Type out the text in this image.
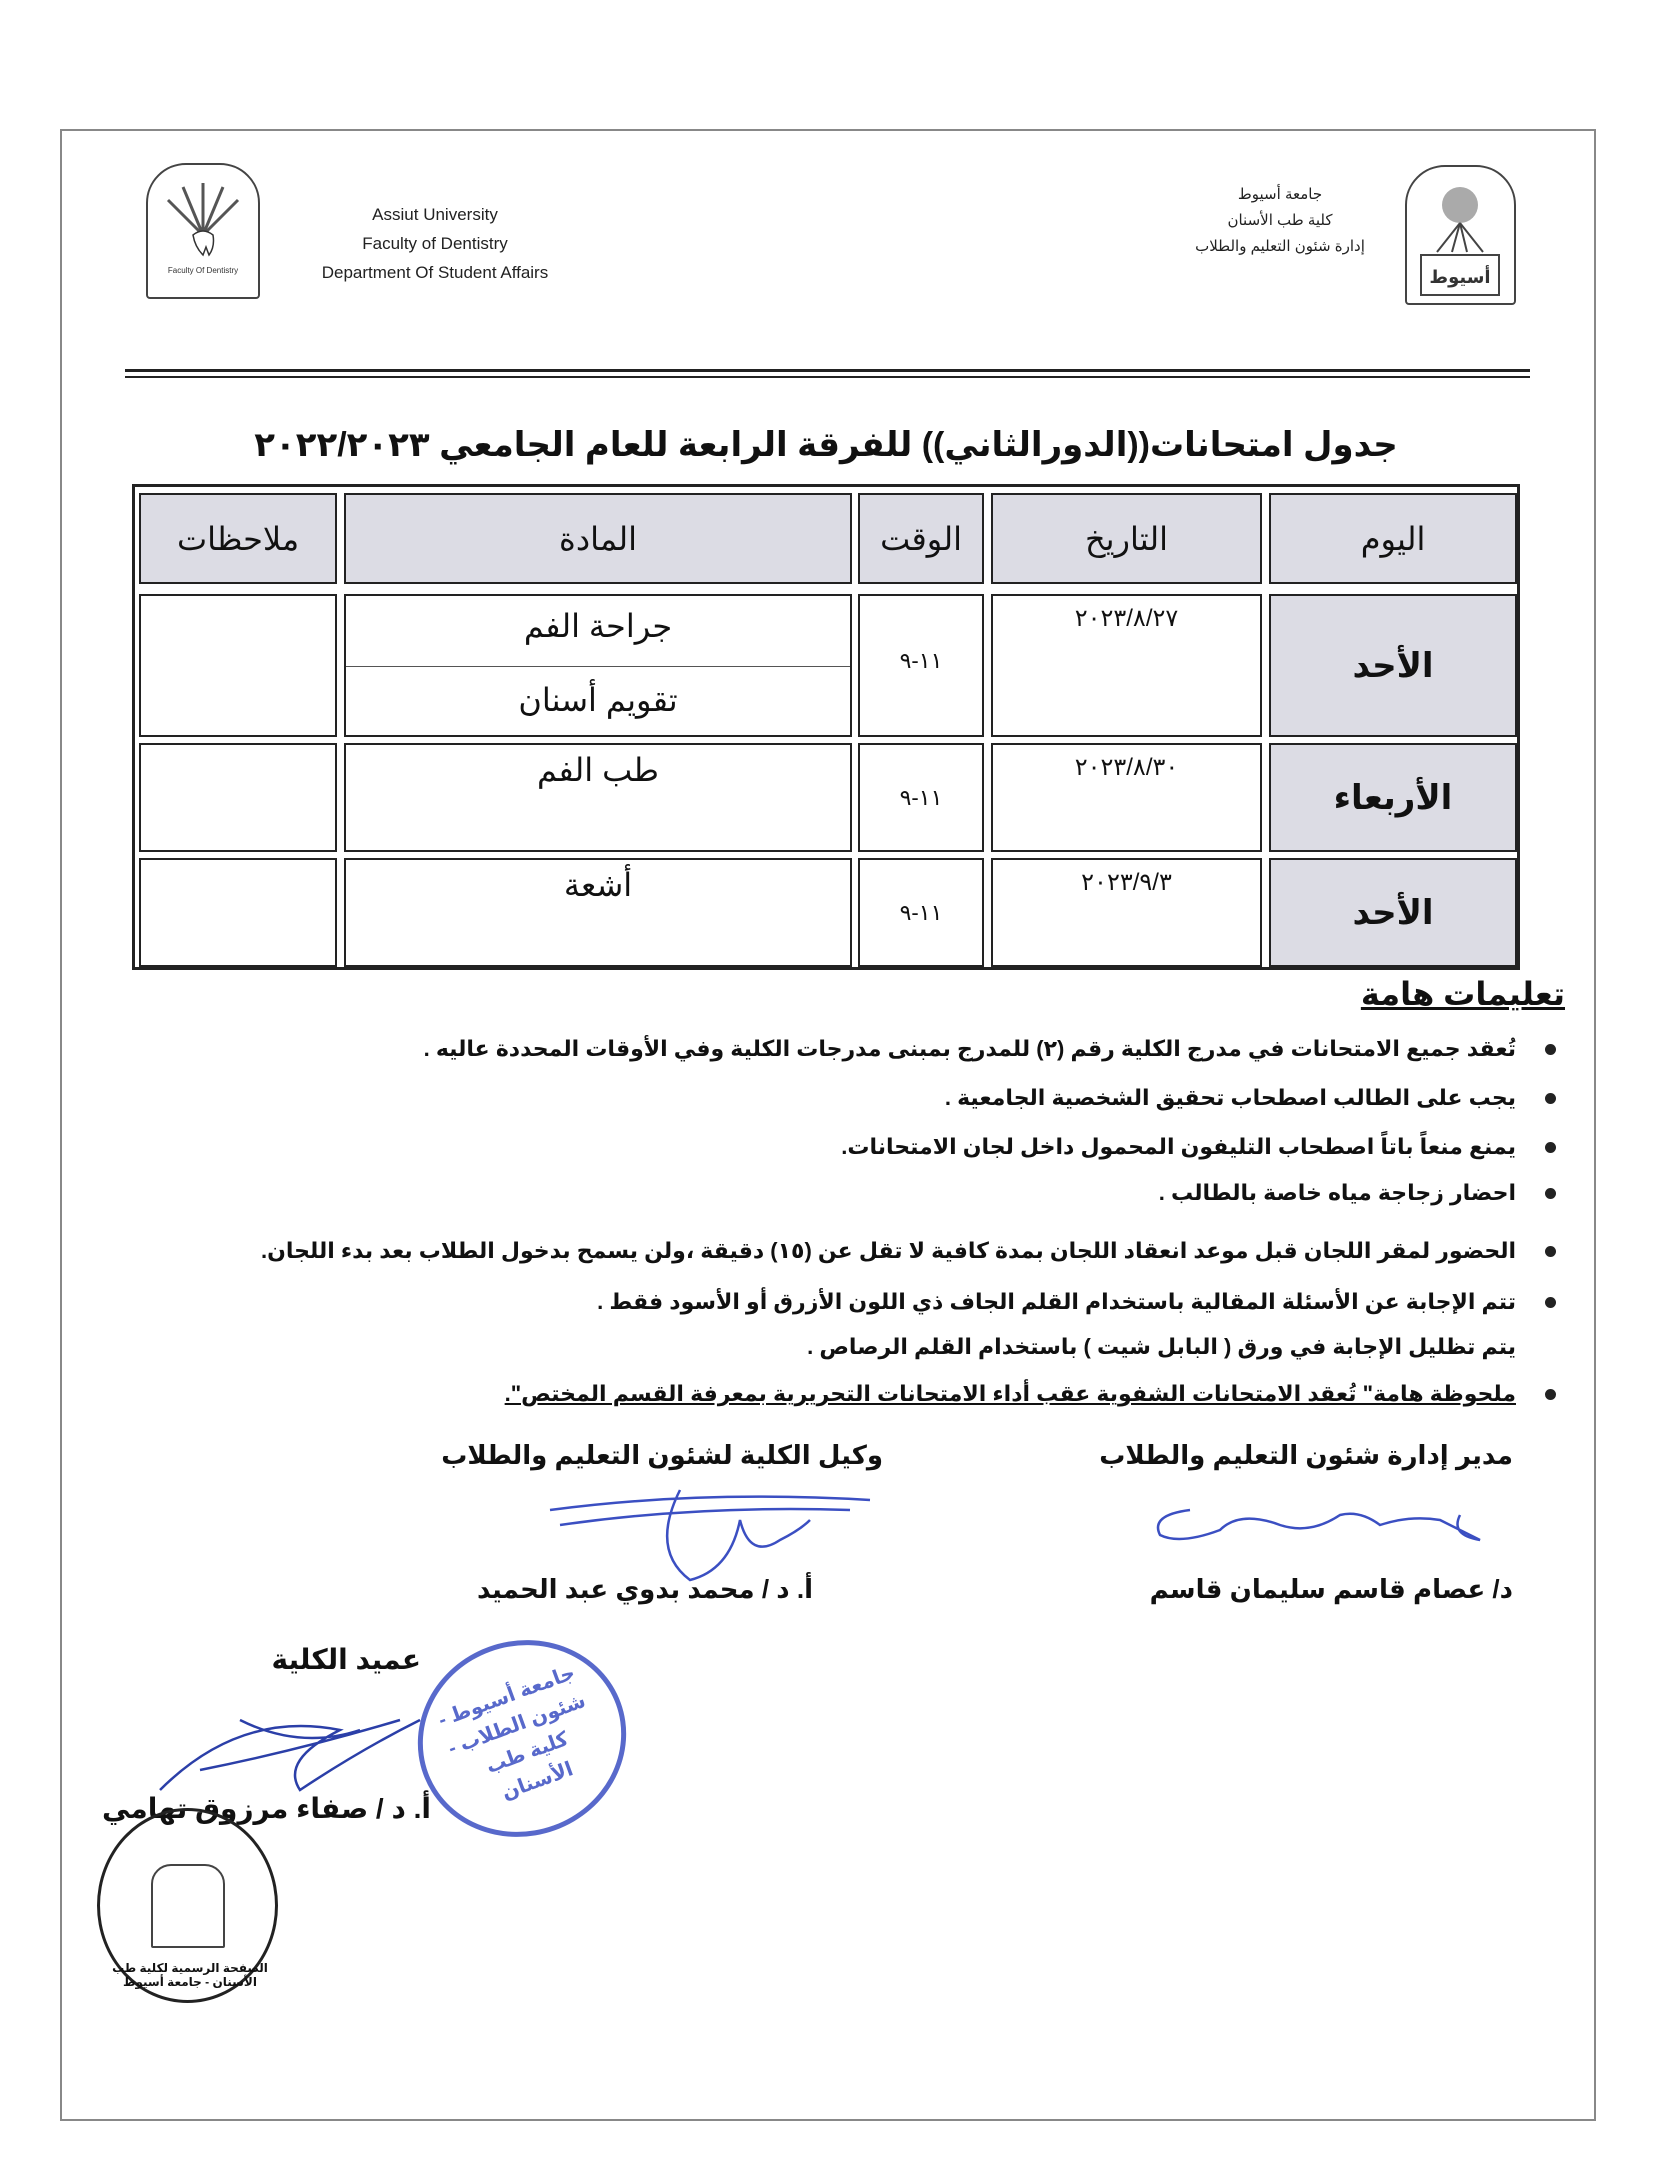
Faculty Of Dentistry
Assiut University
Faculty of Dentistry
Department Of Student Affairs
جامعة أسيوط
كلية طب الأسنان
إدارة شئون التعليم والطلاب
أسيوط
جدول امتحانات((الدورالثاني)) للفرقة الرابعة للعام الجامعي ٢٠٢٢/٢٠٢٣
اليوم
التاريخ
الوقت
المادة
ملاحظات
الأحد
٢٠٢٣/٨/٢٧
١١-٩
جراحة الفم
تقويم أسنان
الأربعاء
٢٠٢٣/٨/٣٠
١١-٩
طب الفم
الأحد
٢٠٢٣/٩/٣
١١-٩
أشعة
تعليمات هامة
تُعقد جميع الامتحانات في مدرج الكلية رقم (٢) للمدرج بمبنى مدرجات الكلية وفي الأوقات المحددة عاليه .
يجب على الطالب اصطحاب تحقيق الشخصية الجامعية .
يمنع منعاً باتاً اصطحاب التليفون المحمول داخل لجان الامتحانات.
احضار زجاجة مياه خاصة بالطالب .
الحضور لمقر اللجان قبل موعد انعقاد اللجان بمدة كافية لا تقل عن (١٥) دقيقة ،ولن يسمح بدخول الطلاب بعد بدء اللجان.
تتم الإجابة عن الأسئلة المقالية باستخدام القلم الجاف ذي اللون الأزرق أو الأسود فقط .
يتم تظليل الإجابة في ورق ( البابل شيت ) باستخدام القلم الرصاص .
ملحوظة هامة" تُعقد الامتحانات الشفوية عقب أداء الامتحانات التحريرية بمعرفة القسم المختص".
مدير إدارة شئون التعليم والطلاب
وكيل الكلية لشئون التعليم والطلاب
د/ عصام قاسم سليمان قاسم
أ. د / محمد بدوي عبد الحميد
عميد الكلية
أ. د / صفاء مرزوق تهامي
جامعة أسيوط - شئون الطلاب - كلية طب الأسنان
الصفحة الرسمية لكلية طب الأسنان - جامعة أسيوط
